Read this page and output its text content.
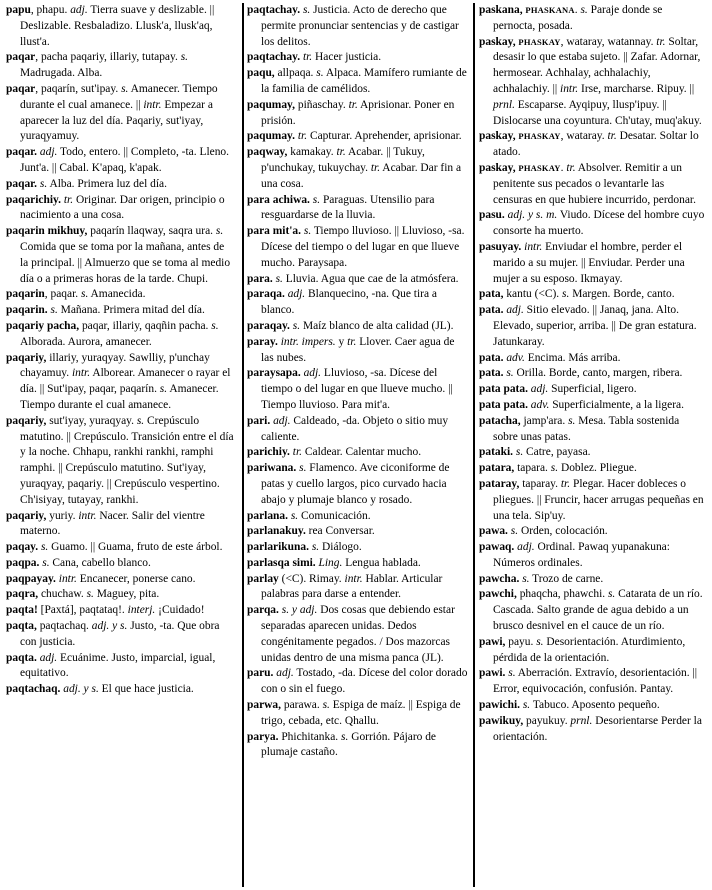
papu, phapu. adj. Tierra suave y deslizable. || Deslizable. Resbaladizo. Llusk'a, llusk'aq, llust'a.

paqar, pacha paqariy, illariy, tutapay. s. Madrugada. Alba.

paqar, paqarín, sut'ipay. s. Amanecer. Tiempo durante el cual amanece. || intr. Empezar a aparecer la luz del día. Paqariy, sut'iyay, yuraqyamuy.

paqar. adj. Todo, entero. || Completo, -ta. Lleno. Junt'a. || Cabal. K'apaq, k'apak.

paqar. s. Alba. Primera luz del día.

paqarichiy. tr. Originar. Dar origen, principio o nacimiento a una cosa.

paqarin mikhuy, paqarín llaqway, saqra ura. s. Comida que se toma por la mañana, antes de la principal. || Almuerzo que se toma al medio día o a primeras horas de la tarde. Chupi.

paqarin, paqar. s. Amanecida.

paqarin. s. Mañana. Primera mitad del día.

paqariy pacha, paqar, illariy, qaqñin pacha. s. Alborada. Aurora, amanecer.

paqariy, illariy, yuraqyay. Sawlliy, p'unchay chayamuy. intr. Alborear. Amanecer o rayar el día. || Sut'ipay, paqar, paqarín. s. Amanecer. Tiempo durante el cual amanece.

paqariy, sut'iyay, yuraqyay. s. Crepúsculo matutino. || Crepúsculo. Transición entre el día y la noche. Chhapu, rankhi rankhi, ramphi ramphi. || Crepúsculo matutino. Sut'iyay, yuraqyay, paqariy. || Crepúsculo vespertino. Ch'isiyay, tutayay, rankhi.

paqariy, yuriy. intr. Nacer. Salir del vientre materno.

paqay. s. Guamo. || Guama, fruto de este árbol.

paqpa. s. Cana, cabello blanco.

paqpayay. intr. Encanecer, ponerse cano.

paqra, chuchaw. s. Maguey, pita.

paqta! [Paxtá], paqtataq!. interj. ¡Cuidado!

paqta, paqtachaq. adj. y s. Justo, -ta. Que obra con justicia.

paqta. adj. Ecuánime. Justo, imparcial, igual, equitativo.

paqtachaq. adj. y s. El que hace justicia.

paqtachay. s. Justicia. Acto de derecho que permite pronunciar sentencias y de castigar los delitos.

paqtachay. tr. Hacer justicia.

paqu, allpaqa. s. Alpaca. Mamífero rumiante de la familia de camélidos.

paqumay, piñaschay. tr. Aprisionar. Poner en prisión.

paqumay. tr. Capturar. Aprehender, aprisionar.

paqway, kamakay. tr. Acabar. || Tukuy, p'unchukay, tukuychay. tr. Acabar. Dar fin a una cosa.

para achiwa. s. Paraguas. Utensilio para resguardarse de la lluvia.

para mit'a. s. Tiempo lluvioso. || Lluvioso, -sa. Dícese del tiempo o del lugar en que llueve mucho. Paraysapa.

para. s. Lluvia. Agua que cae de la atmósfera.

paraqa. adj. Blanquecino, -na. Que tira a blanco.

paraqay. s. Maíz blanco de alta calidad (JL).

paray. intr. impers. y tr. Llover. Caer agua de las nubes.

paraysapa. adj. Lluvioso, -sa. Dícese del tiempo o del lugar en que llueve mucho. || Tiempo lluvioso. Para mit'a.

pari. adj. Caldeado, -da. Objeto o sitio muy caliente.

parichiy. tr. Caldear. Calentar mucho.

pariwana. s. Flamenco. Ave ciconiforme de patas y cuello largos, pico curvado hacia abajo y plumaje blanco y rosado.

parlana. s. Comunicación.

parlanakuy. rea Conversar.

parlarikuna. s. Diálogo.

parlasqa simi. Ling. Lengua hablada.

parlay (<C). Rimay. intr. Hablar. Articular palabras para darse a entender.

parqa. s. y adj. Dos cosas que debiendo estar separadas aparecen unidas. Dedos congénitamente pegados. / Dos mazorcas unidas dentro de una misma panca (JL).

paru. adj. Tostado, -da. Dícese del color dorado con o sin el fuego.

parwa, parawa. s. Espiga de maíz. || Espiga de trigo, cebada, etc. Qhallu.

parya. Phichitanka. s. Gorrión. Pájaro de plumaje castaño.

paskana, PHASKANA. s. Paraje donde se pernocta, posada.

paskay, PHASKAY, wataray, watannay. tr. Soltar, desasir lo que estaba sujeto. || Zafar. Adornar, hermosear. Achhalay, achhalachiy, achhalachiy. || intr. Irse, marcharse. Ripuy. || prnl. Escaparse. Ayqipuy, llusp'ipuy. || Dislocarse una coyuntura. Ch'utay, muq'akuy.

paskay, PHASKAY, wataray. tr. Desatar. Soltar lo atado.

paskay, PHASKAY. tr. Absolver. Remitir a un penitente sus pecados o levantarle las censuras en que hubiere incurrido, perdonar.

pasu. adj. y s. m. Viudo. Dícese del hombre cuyo consorte ha muerto.

pasuyay. intr. Enviudar el hombre, perder el marido a su mujer. || Enviudar. Perder una mujer a su esposo. Ikmayay.

pata, kantu (<C). s. Margen. Borde, canto.

pata. adj. Sitio elevado. || Janaq, jana. Alto. Elevado, superior, arriba. || De gran estatura. Jatunkaray.

pata. adv. Encima. Más arriba.

pata. s. Orilla. Borde, canto, margen, ribera.

pata pata. adj. Superficial, ligero.

pata pata. adv. Superficialmente, a la ligera.

patacha, jamp'ara. s. Mesa. Tabla sostenida sobre unas patas.

pataki. s. Catre, payasa.

patara, tapara. s. Doblez. Pliegue.

pataray, taparay. tr. Plegar. Hacer dobleces o pliegues. || Fruncir, hacer arrugas pequeñas en una tela. Sip'uy.

pawa. s. Orden, colocación.

pawaq. adj. Ordinal. Pawaq yupanakuna: Números ordinales.

pawcha. s. Trozo de carne.

pawchi, phaqcha, phawchi. s. Catarata de un río. Cascada. Salto grande de agua debido a un brusco desnivel en el cauce de un río.

pawi, payu. s. Desorientación. Aturdimiento, pérdida de la orientación.

pawi. s. Aberración. Extravío, desorientación. || Error, equivocación, confusión. Pantay.

pawichi. s. Tabuco. Aposento pequeño.

pawikuy, payukuy. prnl. Desorientarse Perder la orientación.
